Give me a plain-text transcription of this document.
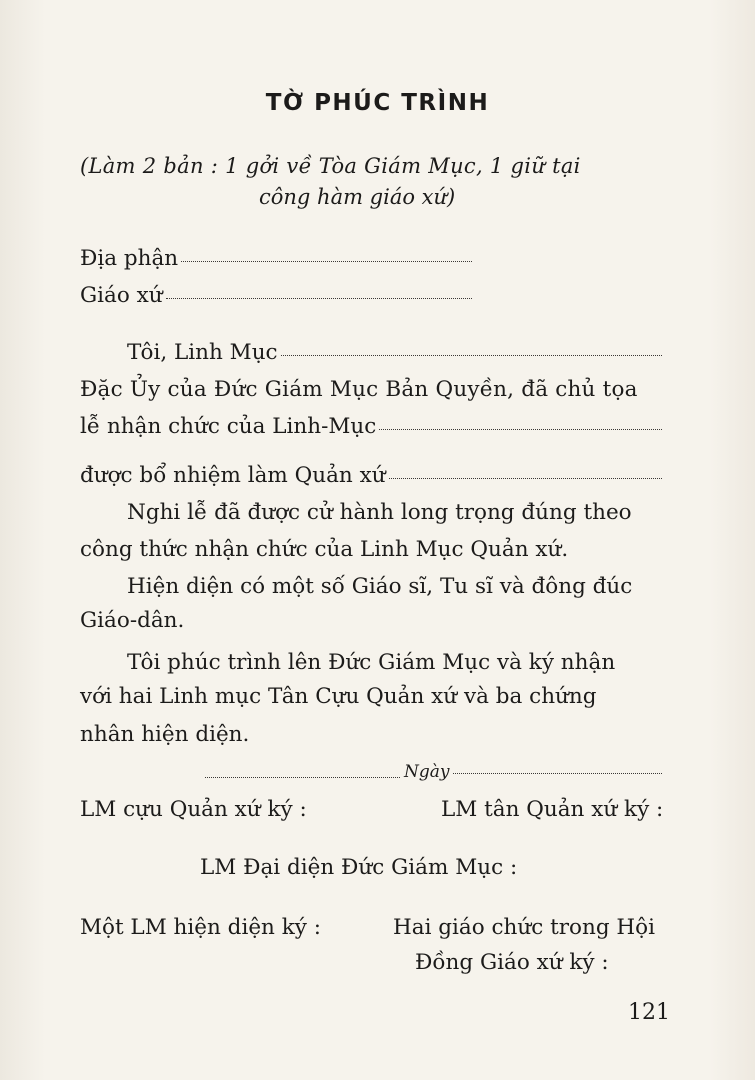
TỜ PHÚC TRÌNH
(Làm 2 bản : 1 gởi về Tòa Giám Mục, 1 giữ tại
công hàm giáo xứ)
Địa phận
Giáo xứ
Tôi, Linh Mục
Đặc Ủy của Đức Giám Mục Bản Quyền, đã chủ tọa
lễ nhận chức của Linh-Mục
được bổ nhiệm làm Quản xứ
Nghi lễ đã được cử hành long trọng đúng theo
công thức nhận chức của Linh Mục Quản xứ.
Hiện diện có một số Giáo sĩ, Tu sĩ và đông đúc
Giáo-dân.
Tôi phúc trình lên Đức Giám Mục và ký nhận
với hai Linh mục Tân Cựu Quản xứ và ba chứng
nhân hiện diện.
Ngày
LM cựu Quản xứ ký :	LM tân Quản xứ ký :
LM Đại diện Đức Giám Mục :
Một LM hiện diện ký :	Hai giáo chức trong Hội
Đồng Giáo xứ ký :
121
